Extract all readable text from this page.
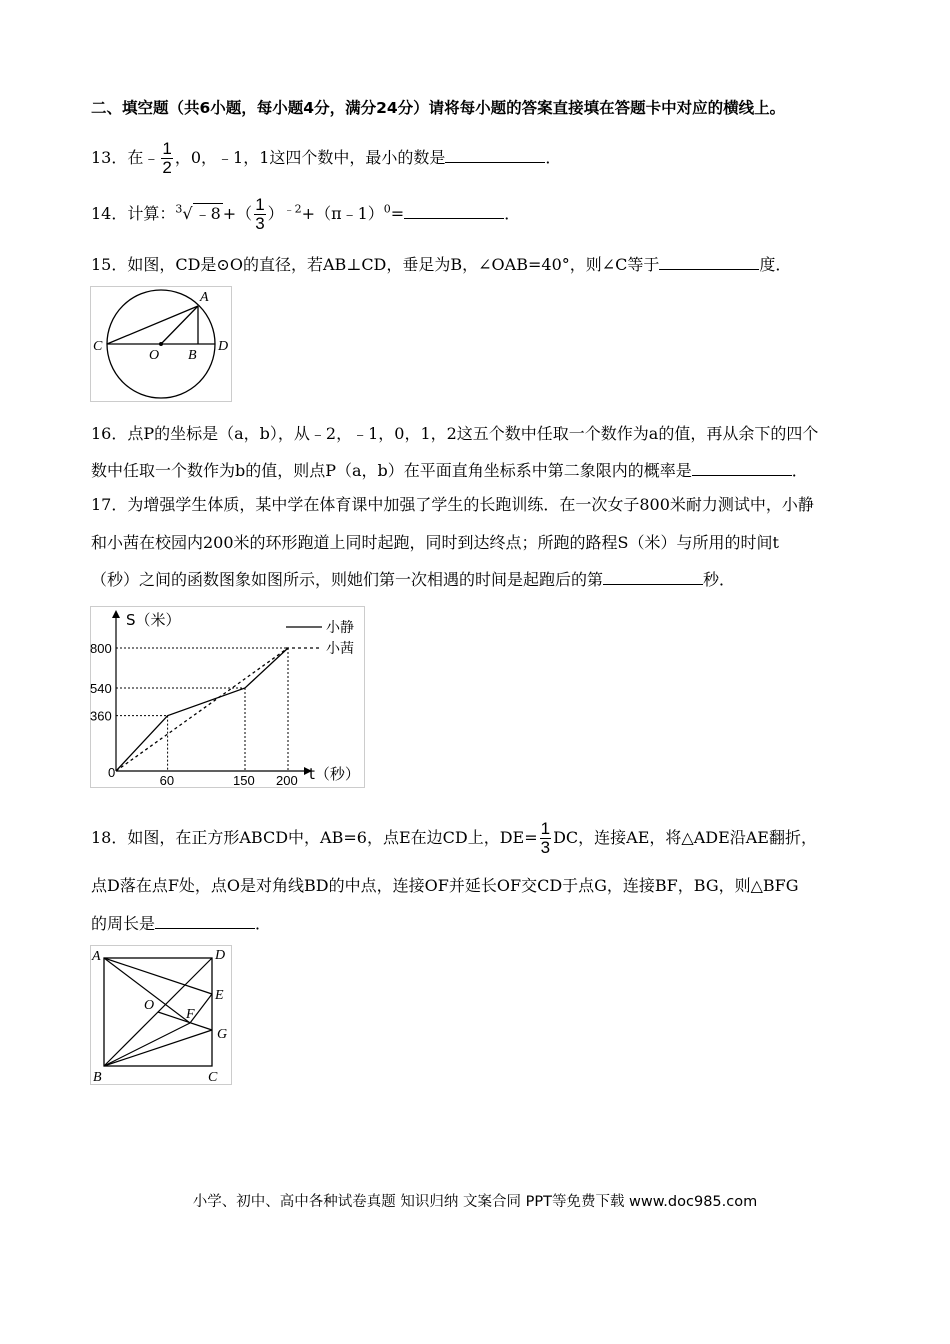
二、填空题（共6小题，每小题4分，满分24分）请将每小题的答案直接填在答题卡中对应的横线上。
13．在﹣ $\frac{1}{2}$ ，0，﹣1，1这四个数中，最小的数是	．
14．计算：$^3$√ ﹣8 +（ $\frac{1}{3}$ ）$^{﹣2}$+（π﹣1）$^0$=	．
15．如图，CD是⊙O的直径，若AB⊥CD，垂足为B，∠OAB=40°，则∠C等于	度．
A
C	D
O B
16．点P的坐标是（a，b），从﹣2，﹣1，0，1，2这五个数中任取一个数作为a的值，再从余下的四个
数中任取一个数作为b的值，则点P（a，b）在平面直角坐标系中第二象限内的概率是	．
17．为增强学生体质，某中学在体育课中加强了学生的长跑训练．在一次女子800米耐力测试中，小静
和小茜在校园内200米的环形跑道上同时起跑，同时到达终点；所跑的路程S（米）与所用的时间t
（秒）之间的函数图象如图所示，则她们第一次相遇的时间是起跑后的第	秒．
S（米）
t（秒）
0
60	150 200
800
540
360
小静
小茜
18．如图，在正方形ABCD中，AB=6，点E在边CD上，$DE= \frac{1}{3}$ DC，连接AE，将△ADE沿AE翻折，
点D落在点F处，点O是对角线BD的中点，连接OF并延长OF交CD于点G，连接BF，BG，则△BFG
的周长是	．
A	D
E
G
O
F
B	C
小学、初中、高中各种试卷真题 知识归纳 文案合同 PPT等免费下载 www.doc985.com
